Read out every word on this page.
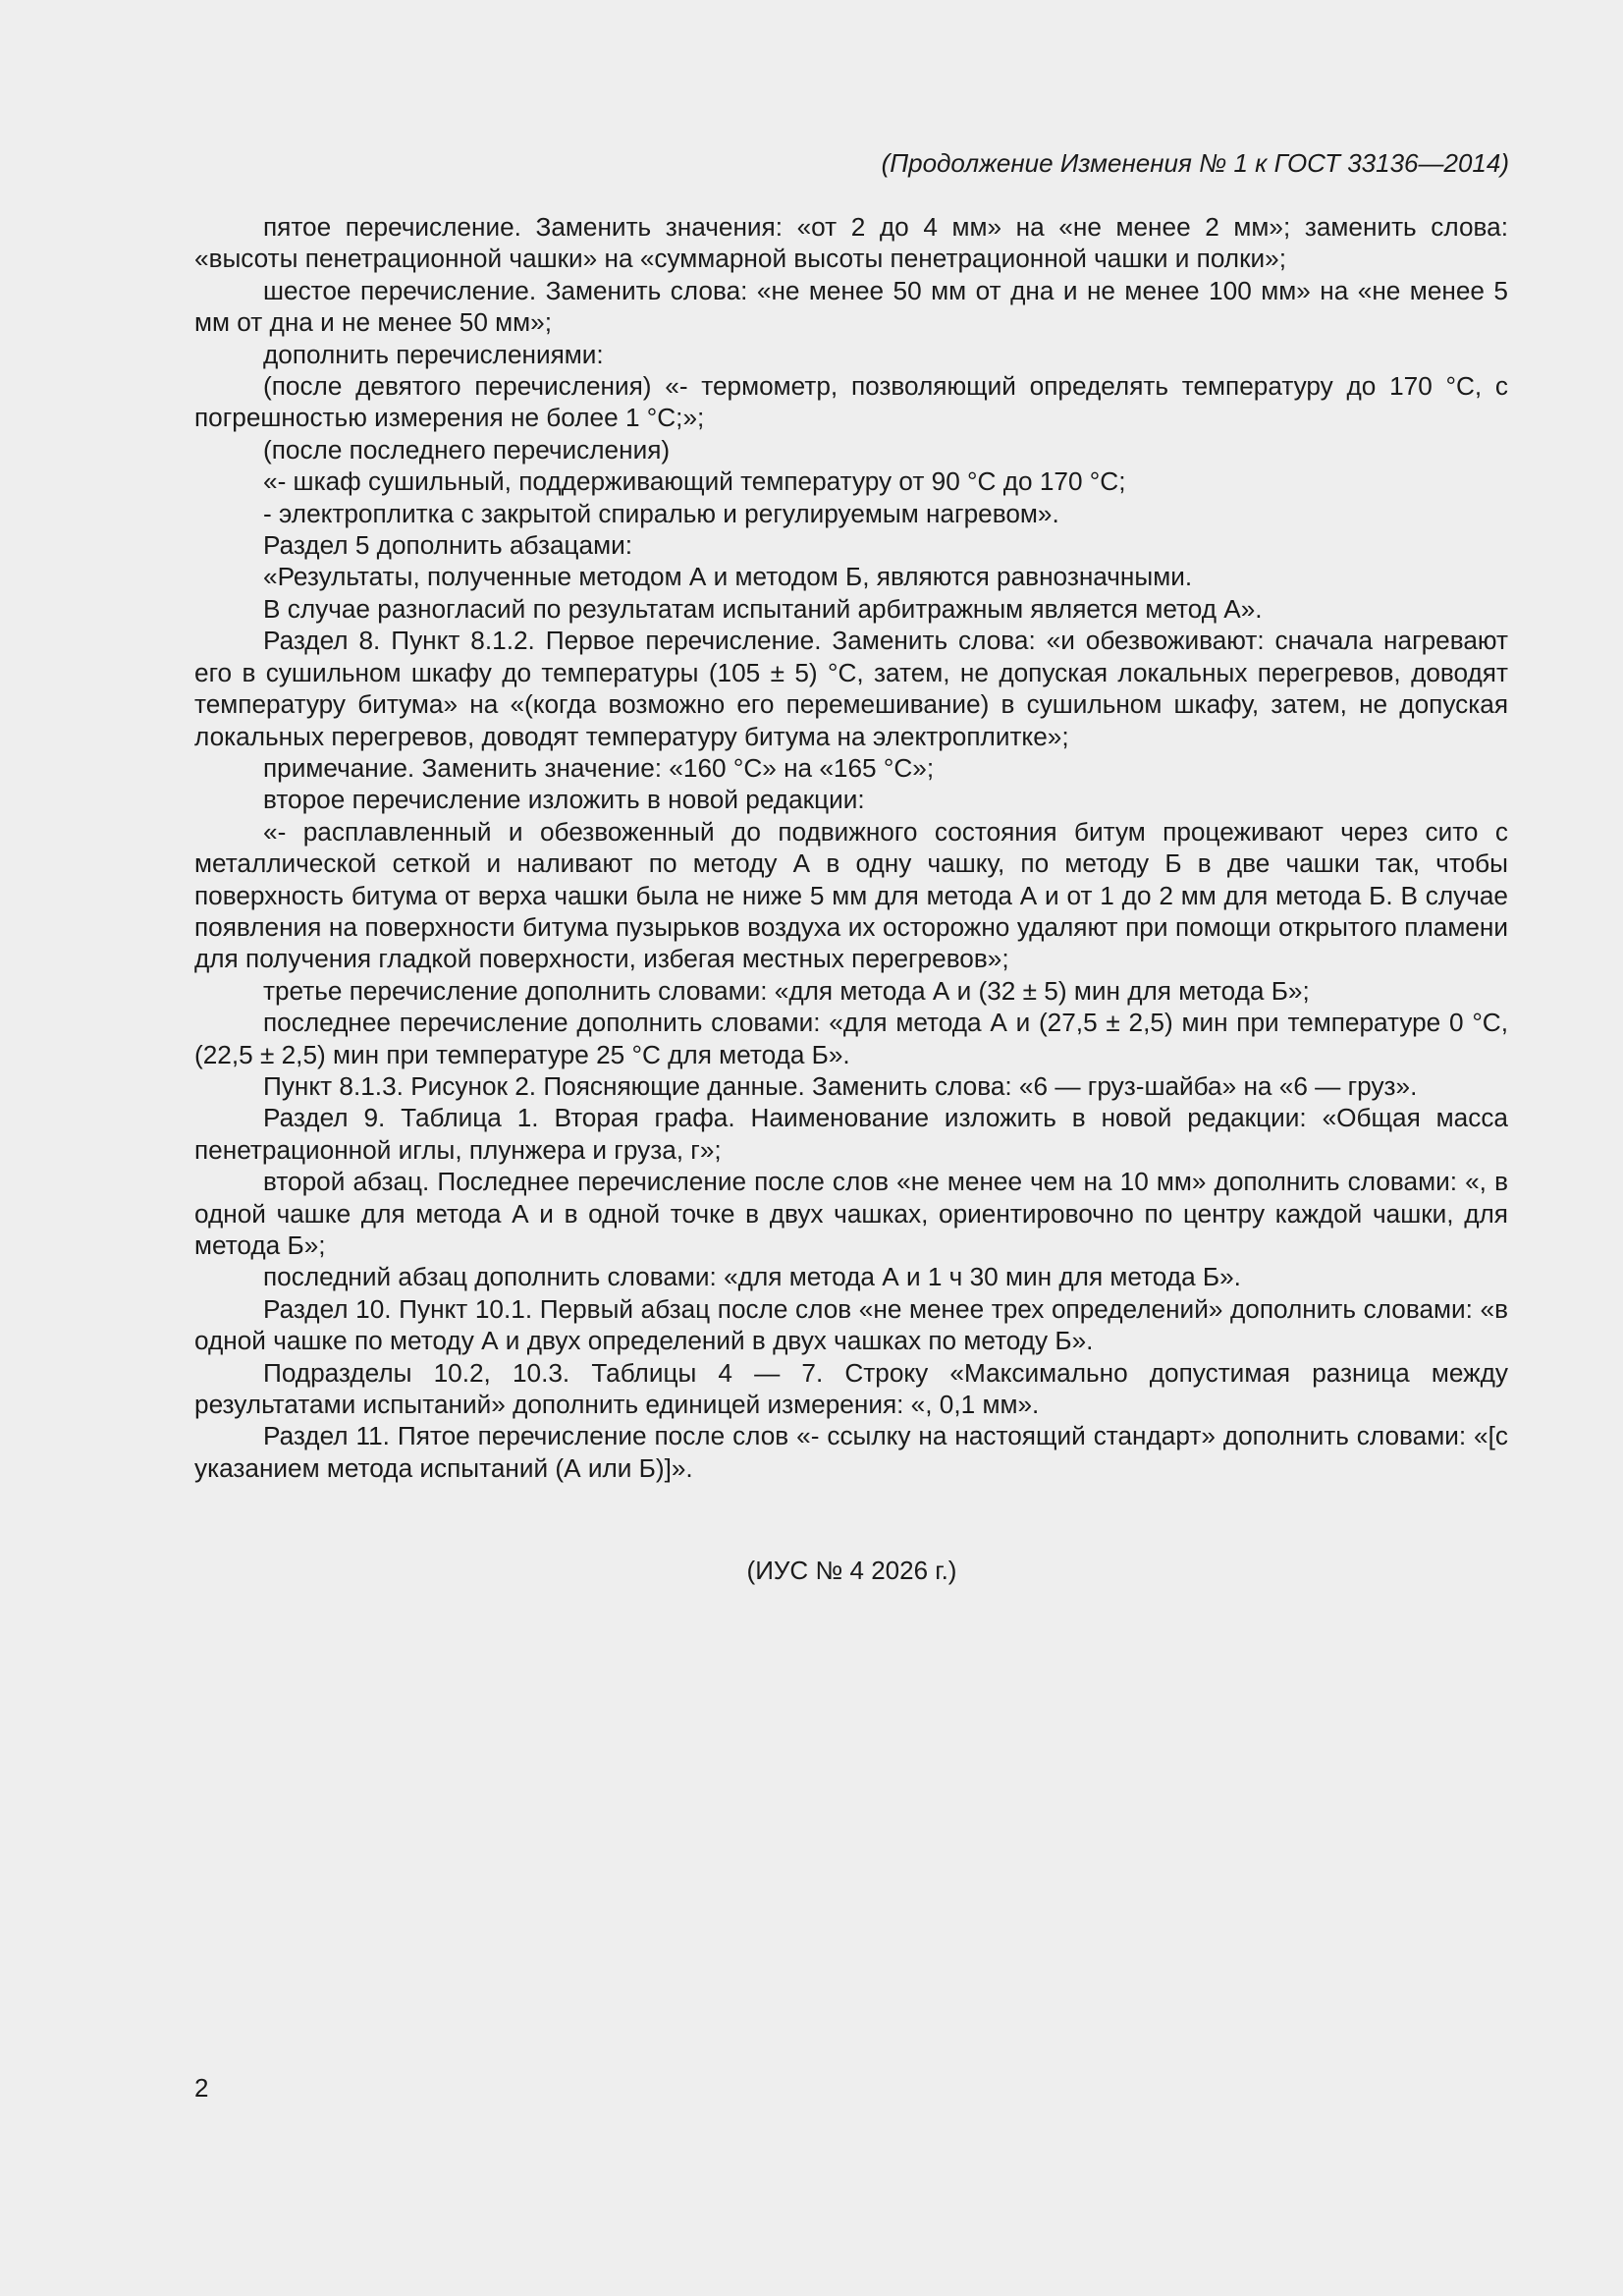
(Продолжение Изменения № 1 к ГОСТ 33136—2014)

пятое перечисление. Заменить значения: «от 2 до 4 мм» на «не менее 2 мм»; заменить слова: «высоты пенетрационной чашки» на «суммарной высоты пенетрационной чашки и полки»;

шестое перечисление. Заменить слова: «не менее 50 мм от дна и не менее 100 мм» на «не менее 5 мм от дна и не менее 50 мм»;

дополнить перечислениями:

(после девятого перечисления) «- термометр, позволяющий определять температуру до 170 °С, с погрешностью измерения не более 1 °С;»;

(после последнего перечисления)

«- шкаф сушильный, поддерживающий температуру от 90 °С до 170 °С;

- электроплитка с закрытой спиралью и регулируемым нагревом».

Раздел 5 дополнить абзацами:

«Результаты, полученные методом А и методом Б, являются равнозначными.

В случае разногласий по результатам испытаний арбитражным является метод А».

Раздел 8. Пункт 8.1.2. Первое перечисление. Заменить слова: «и обезвоживают: сначала нагревают его в сушильном шкафу до температуры (105 ± 5) °С, затем, не допуская локальных перегревов, доводят температуру битума» на «(когда возможно его перемешивание) в сушильном шкафу, затем, не допуская локальных перегревов, доводят температуру битума на электроплитке»;

примечание. Заменить значение: «160 °С» на «165 °С»;

второе перечисление изложить в новой редакции:

«- расплавленный и обезвоженный до подвижного состояния битум процеживают через сито с металлической сеткой и наливают по методу А в одну чашку, по методу Б в две чашки так, чтобы поверхность битума от верха чашки была не ниже 5 мм для метода А и от 1 до 2 мм для метода Б. В случае появления на поверхности битума пузырьков воздуха их осторожно удаляют при помощи открытого пламени для получения гладкой поверхности, избегая местных перегревов»;

третье перечисление дополнить словами: «для метода А и (32 ± 5) мин для метода Б»;

последнее перечисление дополнить словами: «для метода А и (27,5 ± 2,5) мин при температуре 0 °С, (22,5 ± 2,5) мин при температуре 25 °С для метода Б».

Пункт 8.1.3. Рисунок 2. Поясняющие данные. Заменить слова: «6 — груз-шайба» на «6 — груз».

Раздел 9. Таблица 1. Вторая графа. Наименование изложить в новой редакции: «Общая масса пенетрационной иглы, плунжера и груза, г»;

второй абзац. Последнее перечисление после слов «не менее чем на 10 мм» дополнить словами: «, в одной чашке для метода А и в одной точке в двух чашках, ориентировочно по центру каждой чашки, для метода Б»;

последний абзац дополнить словами: «для метода А и 1 ч 30 мин для метода Б».

Раздел 10. Пункт 10.1. Первый абзац после слов «не менее трех определений» дополнить словами: «в одной чашке по методу А и двух определений в двух чашках по методу Б».

Подразделы 10.2, 10.3. Таблицы 4 — 7. Строку «Максимально допустимая разница между результатами испытаний» дополнить единицей измерения: «, 0,1 мм».

Раздел 11. Пятое перечисление после слов «- ссылку на настоящий стандарт» дополнить словами: «[с указанием метода испытаний (А или Б)]».

(ИУС № 4 2026 г.)
2
